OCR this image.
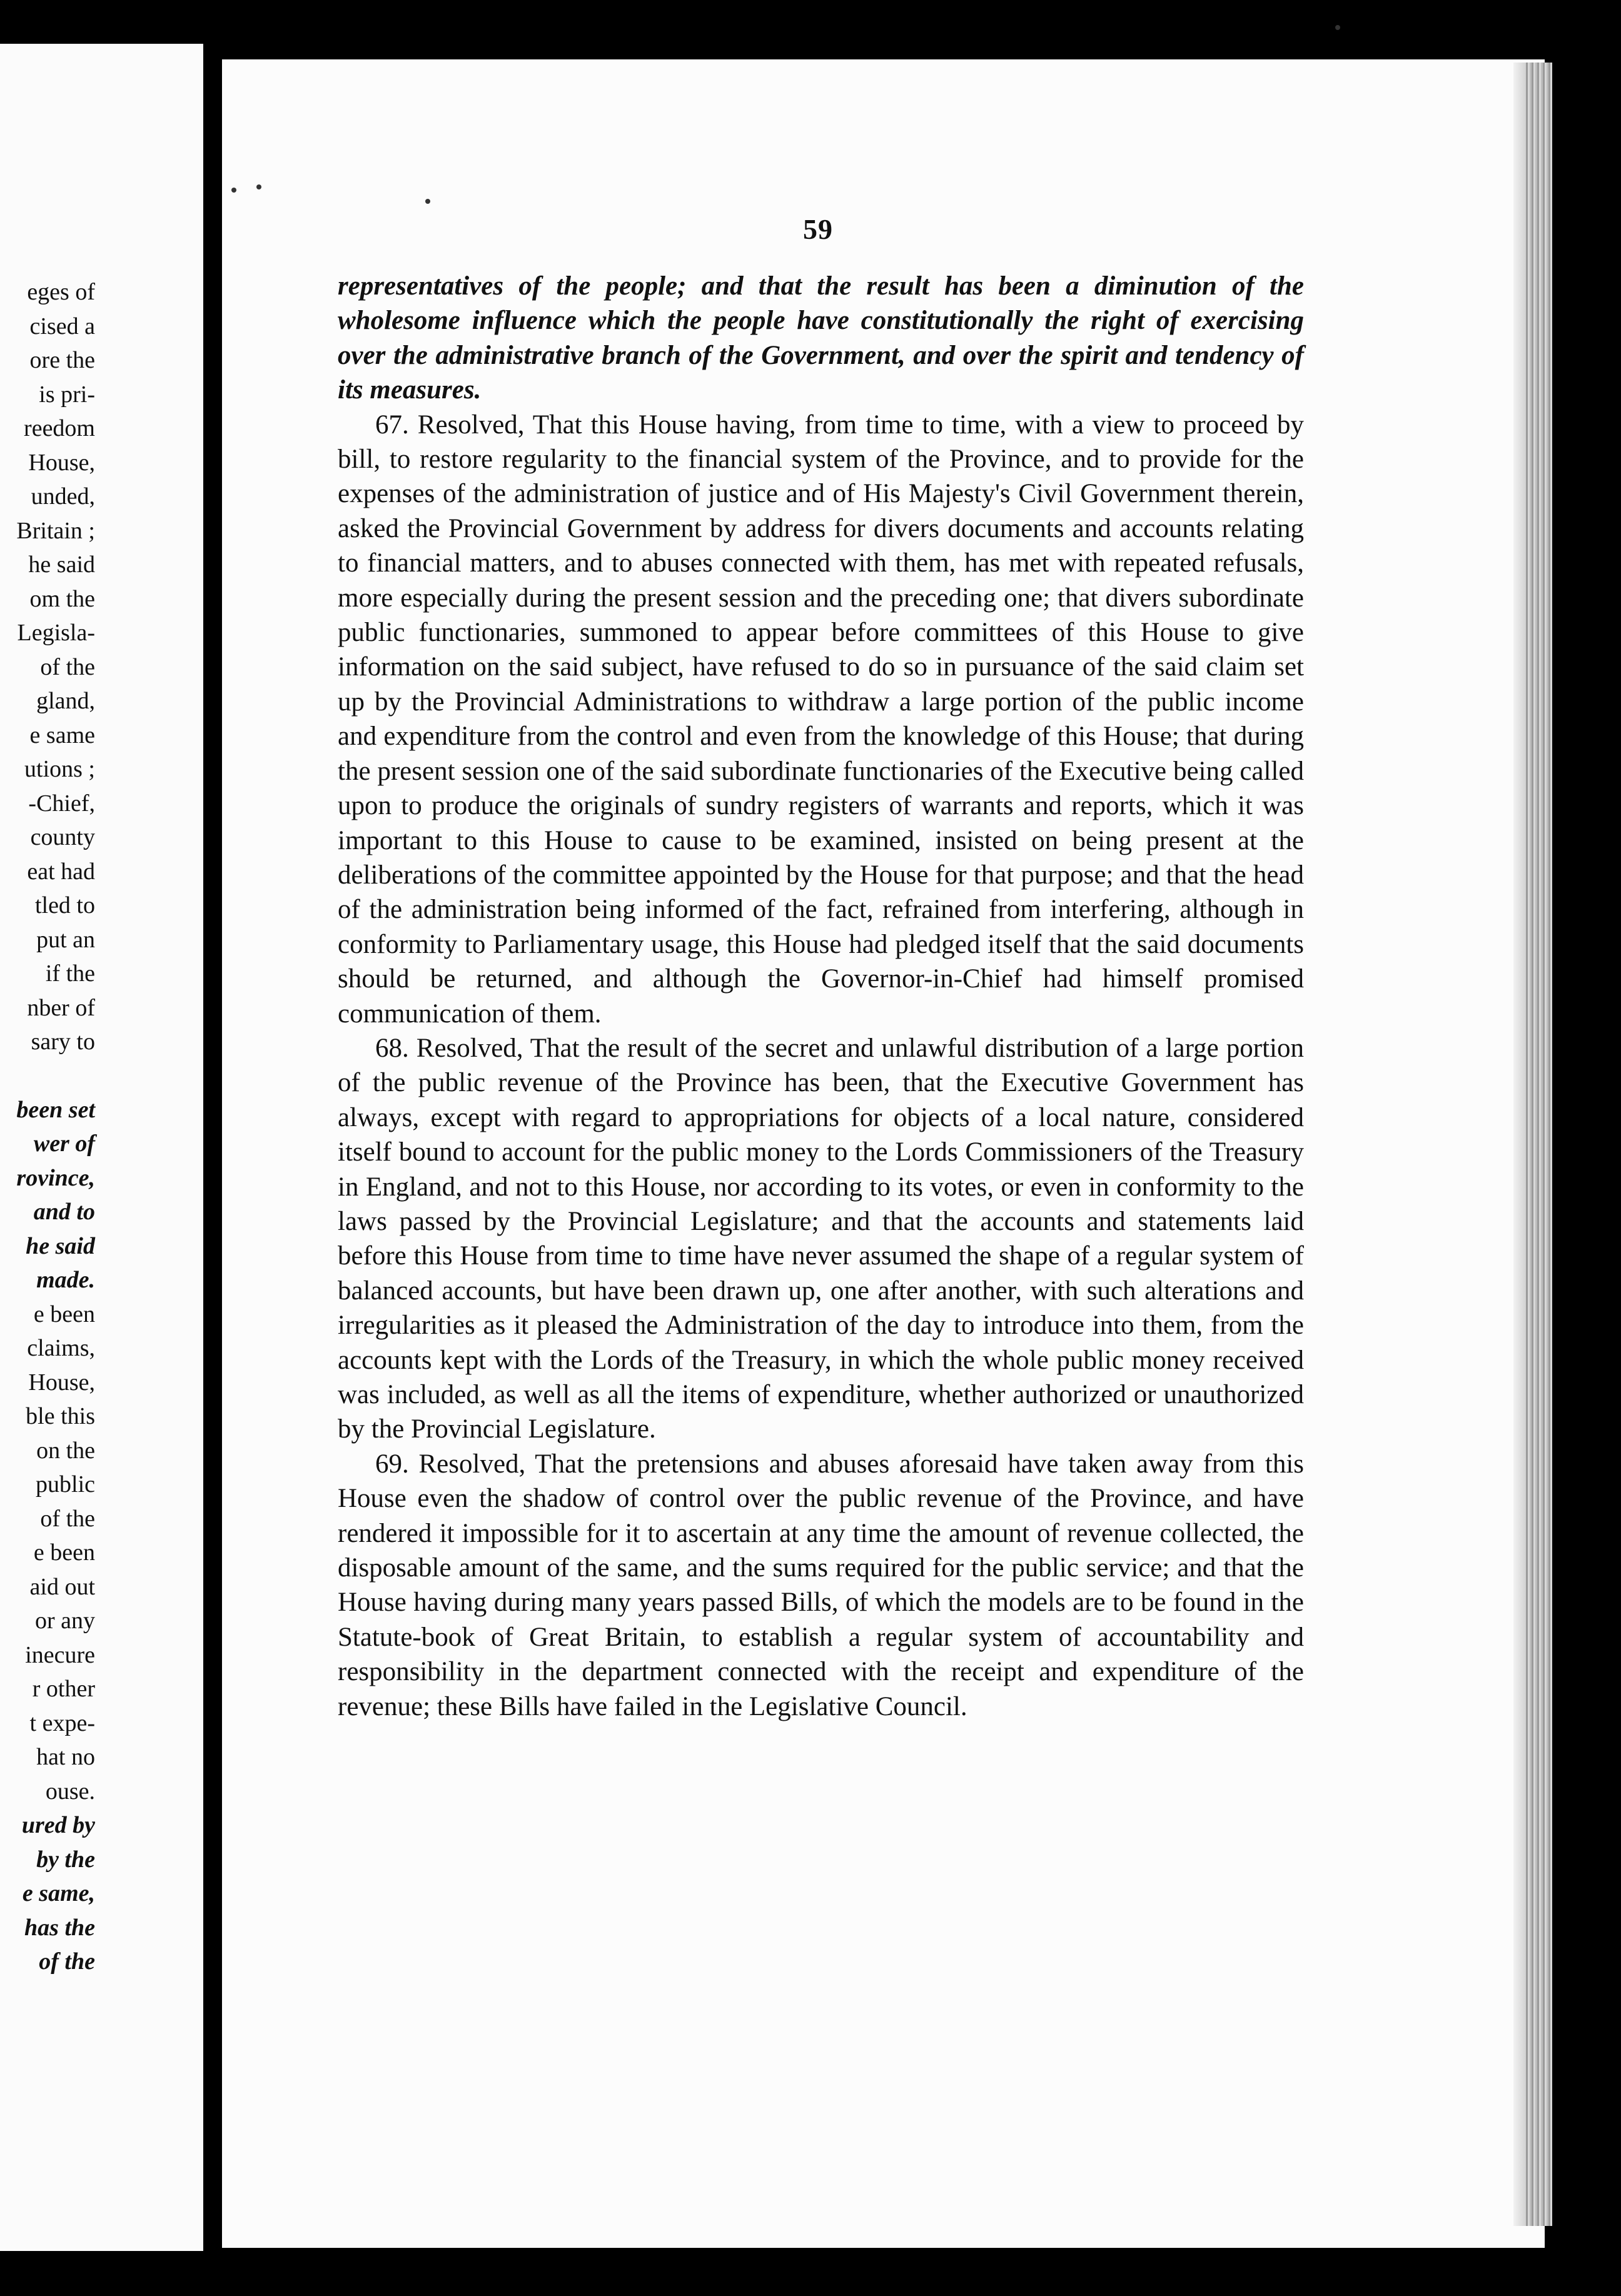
eges of
cised a
ore the
is pri-
reedom
House,
unded,
Britain ;
he said
om the
Legisla-
of the
gland,
e same
utions ;
-Chief,
county
eat had
tled to
put an
if the
nber of
sary to
been set
wer of
rovince,
and to
he said
made.
e been
claims,
House,
ble this
on the
public
of the
e been
aid out
or any
inecure
r other
t expe-
hat no
ouse.
ured by
by the
e same,
has the
of the
59

representatives of the people; and that the result has been a diminution of the wholesome influence which the people have constitutionally the right of exercising over the administrative branch of the Government, and over the spirit and tendency of its measures.

67. Resolved, That this House having, from time to time, with a view to proceed by bill, to restore regularity to the financial system of the Province, and to provide for the expenses of the administration of justice and of His Majesty's Civil Government therein, asked the Provincial Government by address for divers documents and accounts relating to financial matters, and to abuses connected with them, has met with repeated refusals, more especially during the present session and the preceding one; that divers subordinate public functionaries, summoned to appear before committees of this House to give information on the said subject, have refused to do so in pursuance of the said claim set up by the Provincial Administrations to withdraw a large portion of the public income and expenditure from the control and even from the knowledge of this House; that during the present session one of the said subordinate functionaries of the Executive being called upon to produce the originals of sundry registers of warrants and reports, which it was important to this House to cause to be examined, insisted on being present at the deliberations of the committee appointed by the House for that purpose; and that the head of the administration being informed of the fact, refrained from interfering, although in conformity to Parliamentary usage, this House had pledged itself that the said documents should be returned, and although the Governor-in-Chief had himself promised communication of them.

68. Resolved, That the result of the secret and unlawful distribution of a large portion of the public revenue of the Province has been, that the Executive Government has always, except with regard to appropriations for objects of a local nature, considered itself bound to account for the public money to the Lords Commissioners of the Treasury in England, and not to this House, nor according to its votes, or even in conformity to the laws passed by the Provincial Legislature; and that the accounts and statements laid before this House from time to time have never assumed the shape of a regular system of balanced accounts, but have been drawn up, one after another, with such alterations and irregularities as it pleased the Administration of the day to introduce into them, from the accounts kept with the Lords of the Treasury, in which the whole public money received was included, as well as all the items of expenditure, whether authorized or unauthorized by the Provincial Legislature.

69. Resolved, That the pretensions and abuses aforesaid have taken away from this House even the shadow of control over the public revenue of the Province, and have rendered it impossible for it to ascertain at any time the amount of revenue collected, the disposable amount of the same, and the sums required for the public service; and that the House having during many years passed Bills, of which the models are to be found in the Statute-book of Great Britain, to establish a regular system of accountability and responsibility in the department connected with the receipt and expenditure of the revenue; these Bills have failed in the Legislative Council.
